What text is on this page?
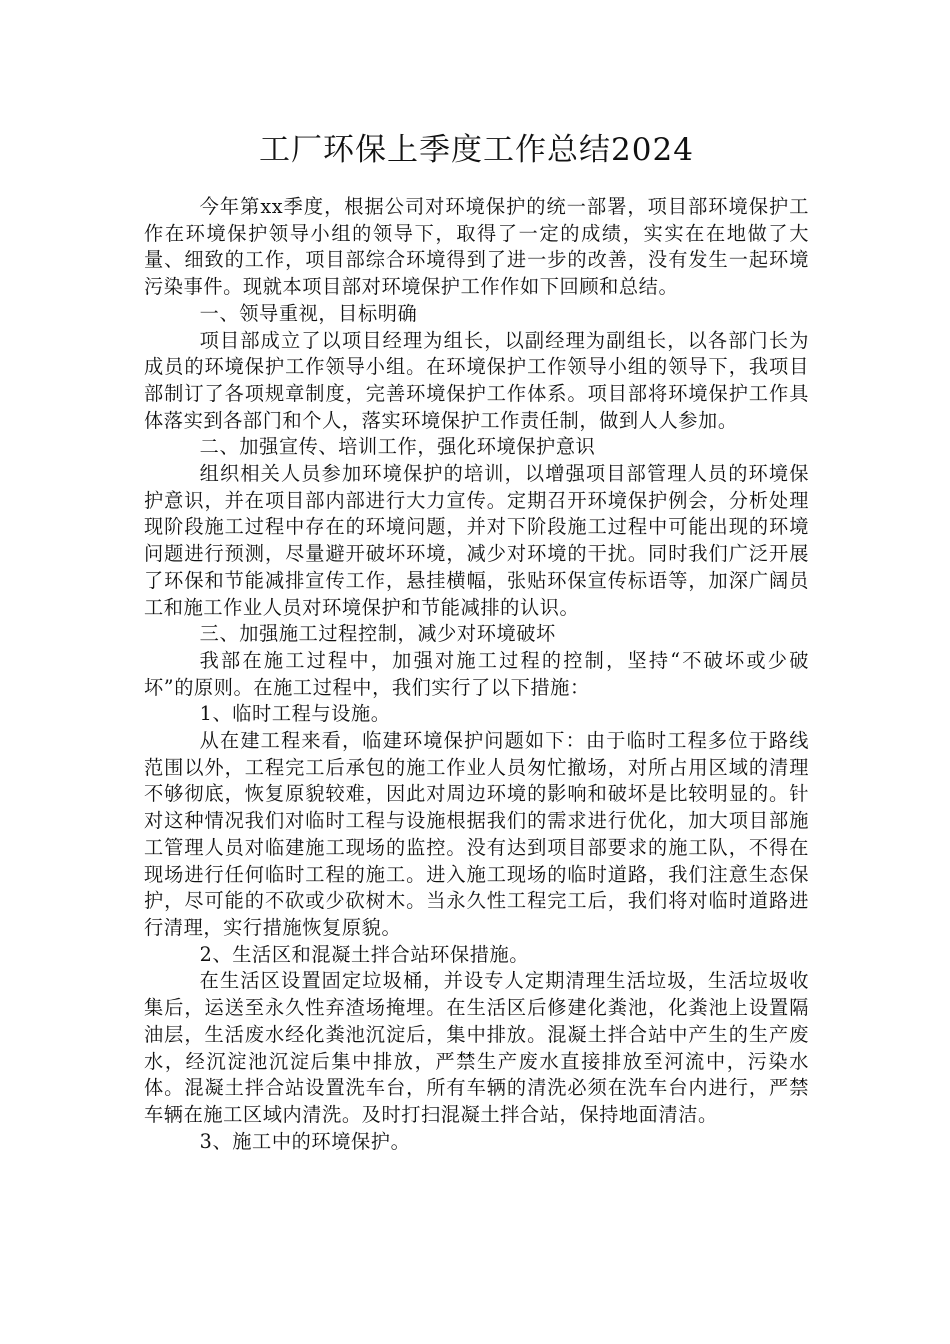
工厂环保上季度工作总结2024

今年第xx季度，根据公司对环境保护的统一部署，项目部环境保护工作在环境保护领导小组的领导下，取得了一定的成绩，实实在在地做了大量、细致的工作，项目部综合环境得到了进一步的改善，没有发生一起环境污染事件。现就本项目部对环境保护工作作如下回顾和总结。

一、领导重视，目标明确

项目部成立了以项目经理为组长，以副经理为副组长，以各部门长为成员的环境保护工作领导小组。在环境保护工作领导小组的领导下，我项目部制订了各项规章制度，完善环境保护工作体系。项目部将环境保护工作具体落实到各部门和个人，落实环境保护工作责任制，做到人人参加。

二、加强宣传、培训工作，强化环境保护意识

组织相关人员参加环境保护的培训，以增强项目部管理人员的环境保护意识，并在项目部内部进行大力宣传。定期召开环境保护例会，分析处理现阶段施工过程中存在的环境问题，并对下阶段施工过程中可能出现的环境问题进行预测，尽量避开破坏环境，减少对环境的干扰。同时我们广泛开展了环保和节能减排宣传工作，悬挂横幅，张贴环保宣传标语等，加深广阔员工和施工作业人员对环境保护和节能减排的认识。

三、加强施工过程控制，减少对环境破坏

我部在施工过程中，加强对施工过程的控制，坚持“不破坏或少破坏”的原则。在施工过程中，我们实行了以下措施：

1、临时工程与设施。

从在建工程来看，临建环境保护问题如下：由于临时工程多位于路线范围以外，工程完工后承包的施工作业人员匆忙撤场，对所占用区域的清理不够彻底，恢复原貌较难，因此对周边环境的影响和破坏是比较明显的。针对这种情况我们对临时工程与设施根据我们的需求进行优化，加大项目部施工管理人员对临建施工现场的监控。没有达到项目部要求的施工队，不得在现场进行任何临时工程的施工。进入施工现场的临时道路，我们注意生态保护，尽可能的不砍或少砍树木。当永久性工程完工后，我们将对临时道路进行清理，实行措施恢复原貌。

2、生活区和混凝土拌合站环保措施。

在生活区设置固定垃圾桶，并设专人定期清理生活垃圾，生活垃圾收集后，运送至永久性弃渣场掩埋。在生活区后修建化粪池，化粪池上设置隔油层，生活废水经化粪池沉淀后，集中排放。混凝土拌合站中产生的生产废水，经沉淀池沉淀后集中排放，严禁生产废水直接排放至河流中，污染水体。混凝土拌合站设置洗车台，所有车辆的清洗必须在洗车台内进行，严禁车辆在施工区域内清洗。及时打扫混凝土拌合站，保持地面清洁。

3、施工中的环境保护。
